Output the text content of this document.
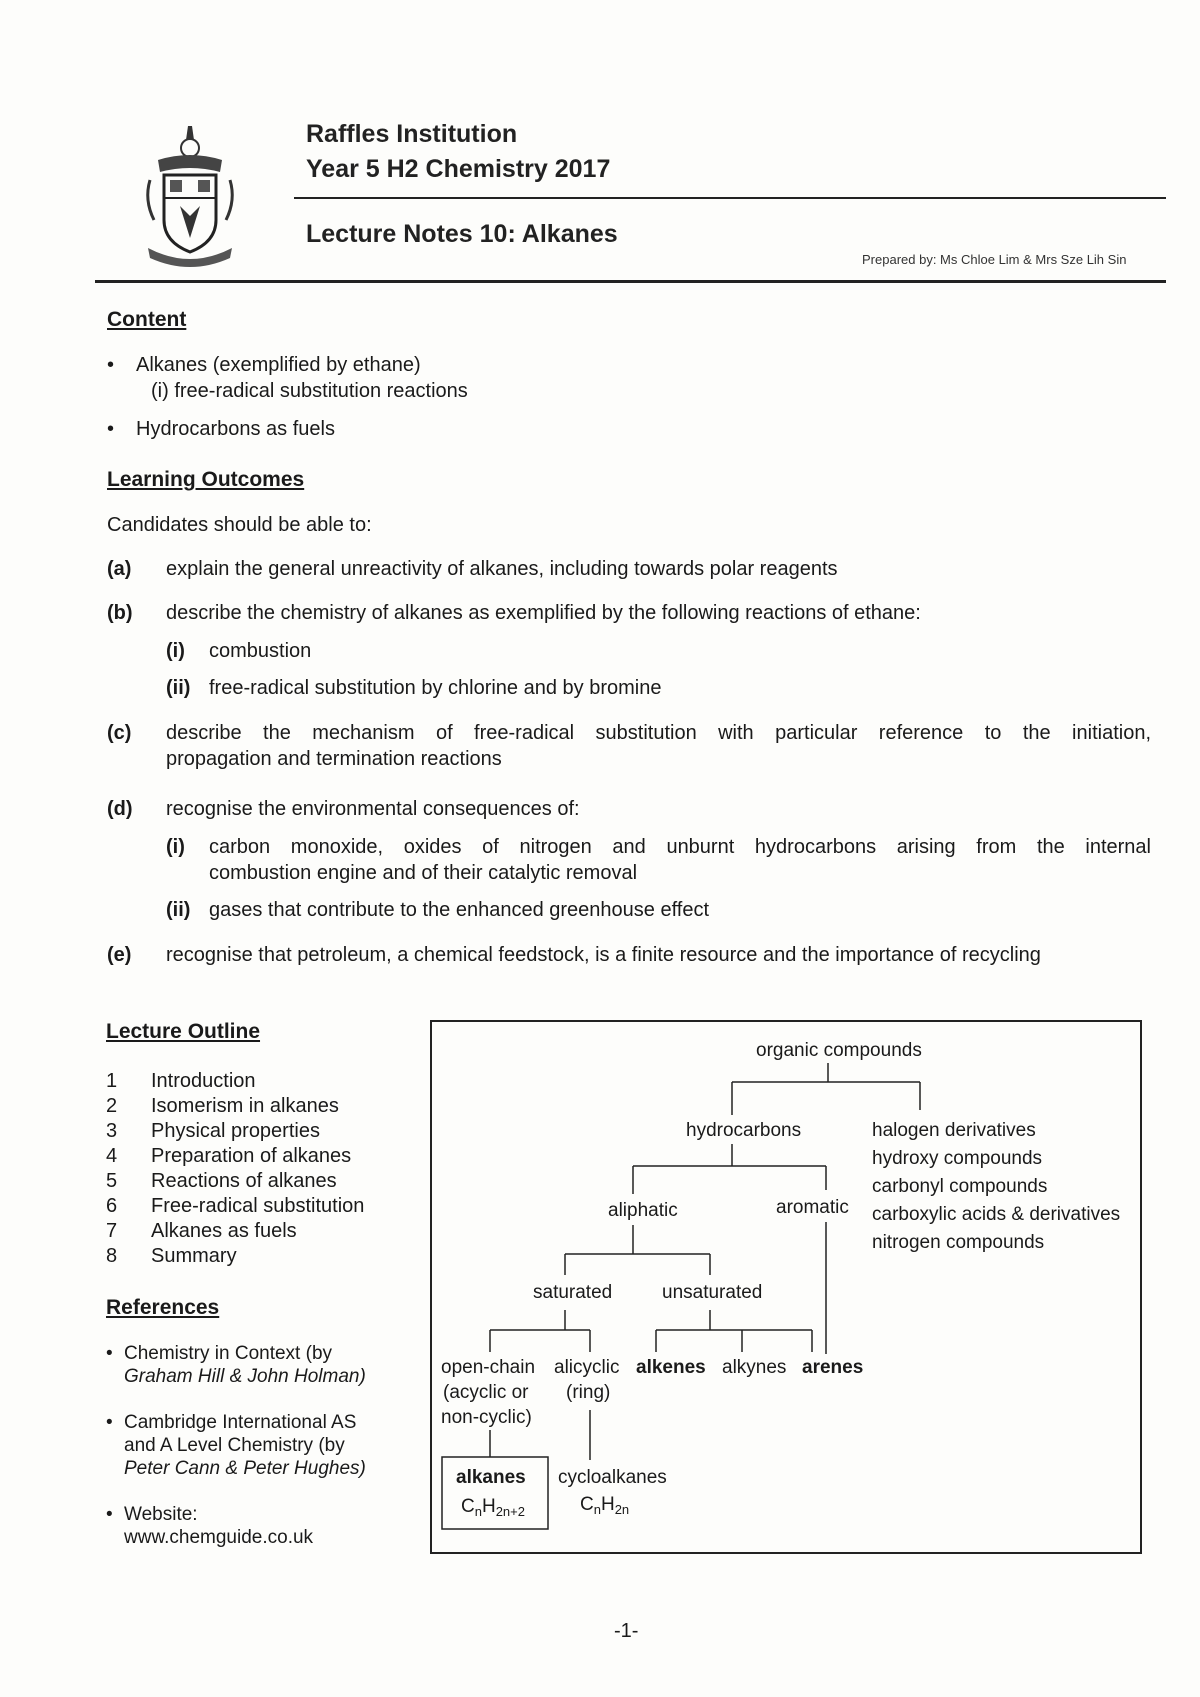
Raffles Institution
Year 5 H2 Chemistry 2017
Lecture Notes 10: Alkanes
Prepared by: Ms Chloe Lim & Mrs Sze Lih Sin
Content
• Alkanes (exemplified by ethane)
(i) free-radical substitution reactions
• Hydrocarbons as fuels
Learning Outcomes
Candidates should be able to:
(a) explain the general unreactivity of alkanes, including towards polar reagents
(b) describe the chemistry of alkanes as exemplified by the following reactions of ethane:
(i) combustion
(ii) free-radical substitution by chlorine and by bromine
(c) describe the mechanism of free-radical substitution with particular reference to the initiation,
propagation and termination reactions
(d) recognise the environmental consequences of:
(i) carbon monoxide, oxides of nitrogen and unburnt hydrocarbons arising from the internal
combustion engine and of their catalytic removal
(ii) gases that contribute to the enhanced greenhouse effect
(e) recognise that petroleum, a chemical feedstock, is a finite resource and the importance of recycling
Lecture Outline
1 Introduction
2 Isomerism in alkanes
3 Physical properties
4 Preparation of alkanes
5 Reactions of alkanes
6 Free-radical substitution
7 Alkanes as fuels
8 Summary
References
• Chemistry in Context (by
Graham Hill & John Holman)
• Cambridge International AS
and A Level Chemistry (by
Peter Cann & Peter Hughes)
• Website:
www.chemguide.co.uk
organic compounds
hydrocarbons	halogen derivatives
hydroxy compounds
carbonyl compounds
carboxylic acids & derivatives
nitrogen compounds
aliphatic	aromatic
saturated	unsaturated
open-chain
(acyclic or
non-cyclic)
alicyclic
(ring)
alkenes alkynes arenes
alkanes
$C_nH_{2n+2}$
cycloalkanes
$C_nH_{2n}$
-1-
